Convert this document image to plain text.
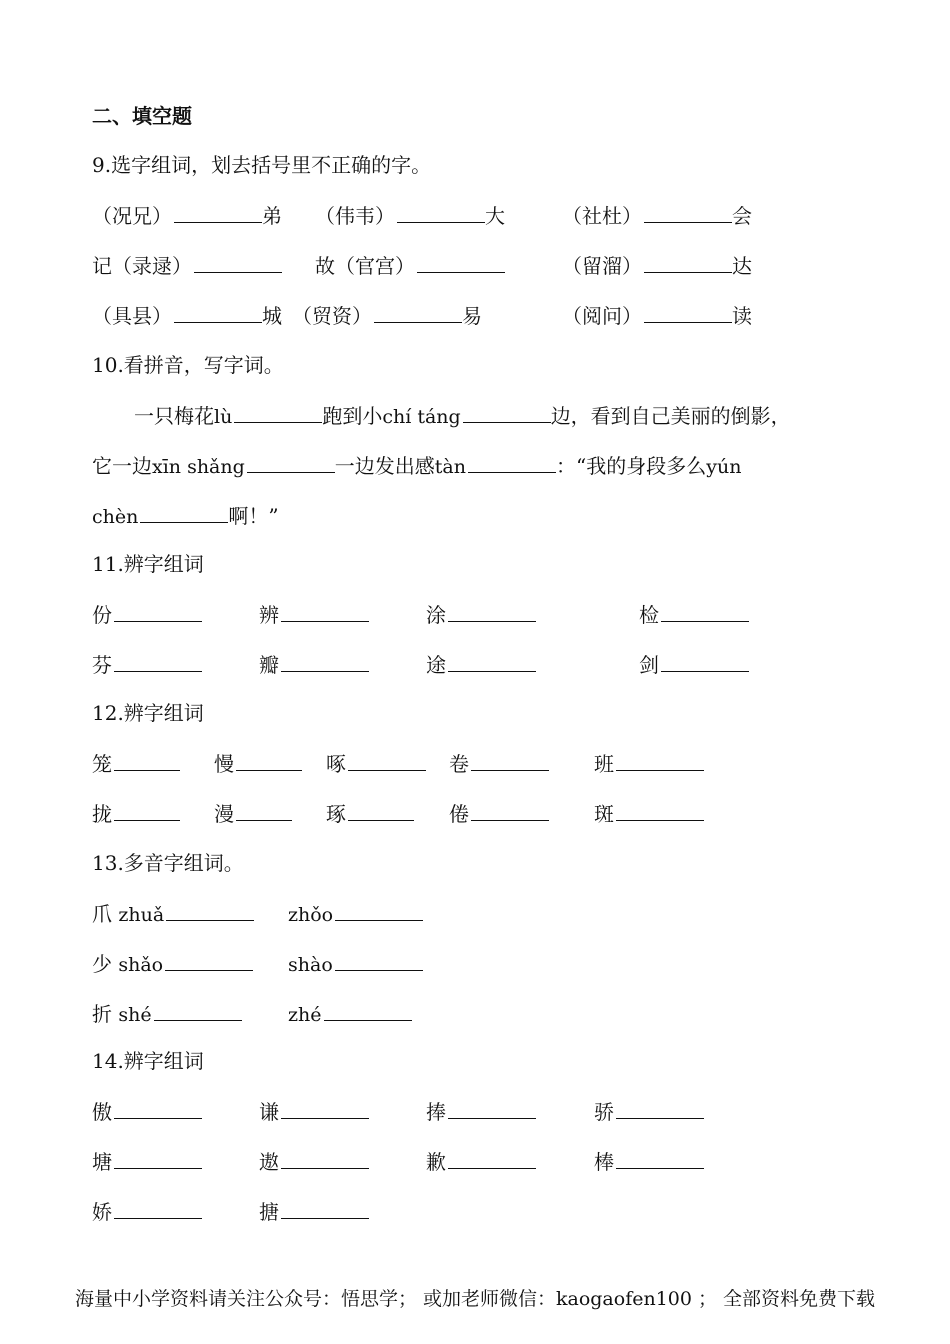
二、填空题
9.选字组词，划去括号里不正确的字。
（况兄）	弟 （伟韦）	大	（社杜）	会
记（录逯）	故（官宫）	（留溜）	达
（具县）	城 （贸资）	易	（阅问）	读
10.看拼音，写字词。
一只梅花lù	跑到小chí táng	边，看到自己美丽的倒影，
它一边xīn shǎng	一边发出感tàn	：“我的身段多么yún
chèn	啊！”
11.辨字组词
份	辨	涂	检
芬	瓣	途	剑
12.辨字组词
笼	慢	啄	卷	班
拢	漫	琢	倦	斑
13.多音字组词。
爪 zhuǎ	zhǒo
少 shǎo	shào
折 shé	zhé
14.辨字组词
傲	谦	捧	骄
塘	遨	歉	棒
娇	搪
海量中小学资料请关注公众号：悟思学； 或加老师微信：kaogaofen100 ； 全部资料免费下载
